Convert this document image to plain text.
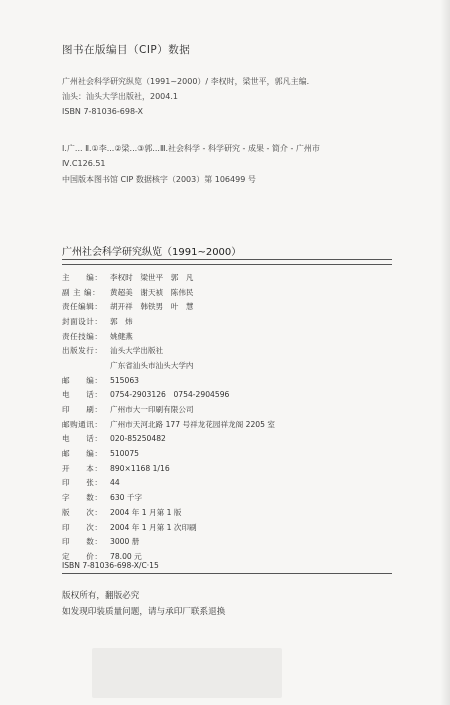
图书在版编目（CIP）数据
广州社会科学研究纵览（1991~2000）/ 李权时，梁世平，郭凡主编．
汕头：汕头大学出版社，2004.1
ISBN 7-81036-698-X
Ⅰ.广... Ⅱ.①李...②梁...③郭...Ⅲ.社会科学 - 科学研究 - 成果 - 简介 - 广州市
Ⅳ.C126.51
中国版本图书馆 CIP 数据核字（2003）第 106499 号
广州社会科学研究纵览（1991~2000）
主　　编： 李权时　梁世平　郭　凡
副 主 编：	黄超美　谢天祯　陈伟民
责任编辑： 胡开祥　韩铁男　叶　慧
封面设计： 郭　炜
责任技编： 姚健燕
出版发行： 汕头大学出版社
广东省汕头市汕头大学内
邮　　编： 515063
电　　话： 0754-2903126　0754-2904596
印　　刷： 广州市大一印刷有限公司
邮购通讯： 广州市天河北路 177 号祥龙花园祥龙阁 2205 室
电　　话： 020-85250482
邮　　编： 510075
开　　本： 890×1168 1/16
印　　张： 44
字　　数： 630 千字
版　　次： 2004 年 1 月第 1 版
印　　次： 2004 年 1 月第 1 次印刷
印　　数： 3000 册
定　　价： 78.00 元
ISBN 7-81036-698-X/C·15
版权所有，翻版必究
如发现印装质量问题，请与承印厂联系退换
